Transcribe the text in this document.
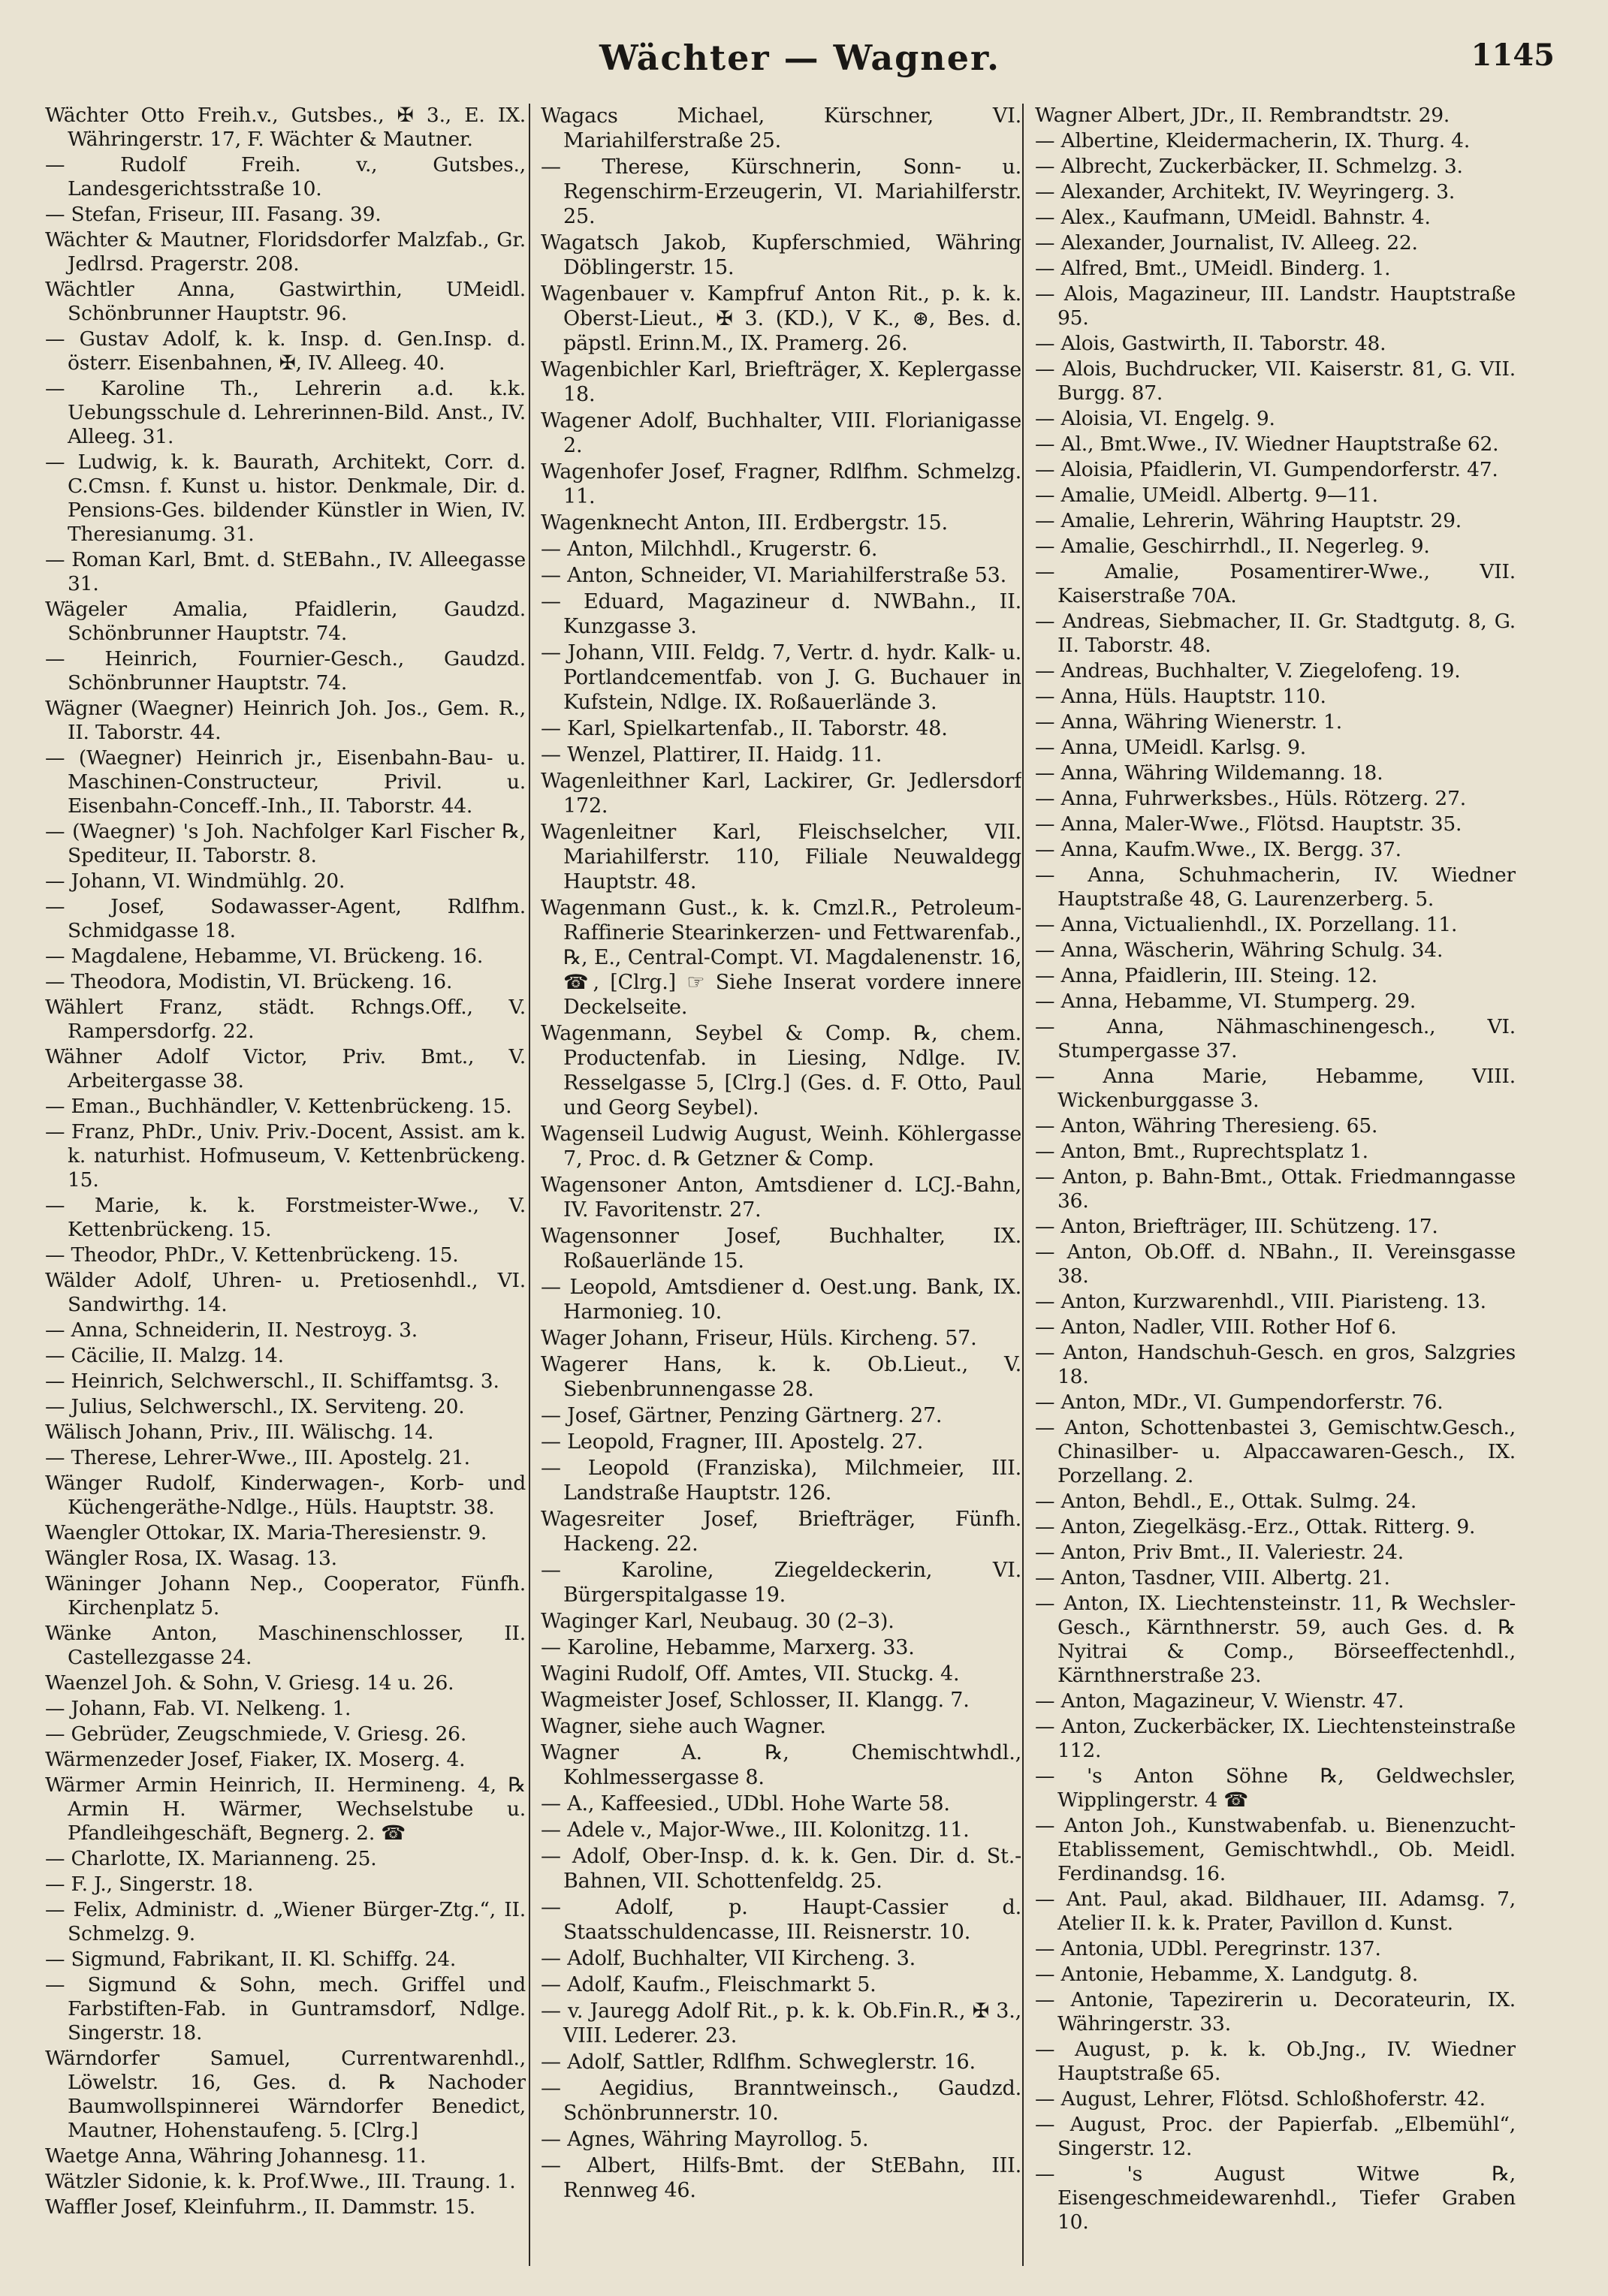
Wächter — Wagner.	1145

Wächter Otto Freih.v., Gutsbes., ✠ 3., E. IX. Währingerstr. 17, F. Wächter & Mautner.

— Rudolf Freih. v., Gutsbes., Landesgerichtsstraße 10.

— Stefan, Friseur, III. Fasang. 39.

Wächter & Mautner, Floridsdorfer Malzfab., Gr. Jedlrsd. Pragerstr. 208.

Wächtler Anna, Gastwirthin, UMeidl. Schönbrunner Hauptstr. 96.

— Gustav Adolf, k. k. Insp. d. Gen.Insp. d. österr. Eisenbahnen, ✠, IV. Alleeg. 40.

— Karoline Th., Lehrerin a.d. k.k. Uebungsschule d. Lehrerinnen-Bild. Anst., IV. Alleeg. 31.

— Ludwig, k. k. Baurath, Architekt, Corr. d. C.Cmsn. f. Kunst u. histor. Denkmale, Dir. d. Pensions-Ges. bildender Künstler in Wien, IV. Theresianumg. 31.

— Roman Karl, Bmt. d. StEBahn., IV. Alleegasse 31.

Wägeler Amalia, Pfaidlerin, Gaudzd. Schönbrunner Hauptstr. 74.

— Heinrich, Fournier-Gesch., Gaudzd. Schönbrunner Hauptstr. 74.

Wägner (Waegner) Heinrich Joh. Jos., Gem. R., II. Taborstr. 44.

— (Waegner) Heinrich jr., Eisenbahn-Bau- u. Maschinen-Constructeur, Privil. u. Eisenbahn-Conceff.-Inh., II. Taborstr. 44.

— (Waegner) 's Joh. Nachfolger Karl Fischer ℞, Spediteur, II. Taborstr. 8.

— Johann, VI. Windmühlg. 20.

— Josef, Sodawasser-Agent, Rdlfhm. Schmidgasse 18.

— Magdalene, Hebamme, VI. Brückeng. 16.

— Theodora, Modistin, VI. Brückeng. 16.

Wählert Franz, städt. Rchngs.Off., V. Rampersdorfg. 22.

Wähner Adolf Victor, Priv. Bmt., V. Arbeitergasse 38.

— Eman., Buchhändler, V. Kettenbrückeng. 15.

— Franz, PhDr., Univ. Priv.-Docent, Assist. am k. k. naturhist. Hofmuseum, V. Kettenbrückeng. 15.

— Marie, k. k. Forstmeister-Wwe., V. Kettenbrückeng. 15.

— Theodor, PhDr., V. Kettenbrückeng. 15.

Wälder Adolf, Uhren- u. Pretiosenhdl., VI. Sandwirthg. 14.

— Anna, Schneiderin, II. Nestroyg. 3.

— Cäcilie, II. Malzg. 14.

— Heinrich, Selchwerschl., II. Schiffamtsg. 3.

— Julius, Selchwerschl., IX. Serviteng. 20.

Wälisch Johann, Priv., III. Wälischg. 14.

— Therese, Lehrer-Wwe., III. Apostelg. 21.

Wänger Rudolf, Kinderwagen-, Korb- und Küchengeräthe-Ndlge., Hüls. Hauptstr. 38.

Waengler Ottokar, IX. Maria-Theresienstr. 9.

Wängler Rosa, IX. Wasag. 13.

Wäninger Johann Nep., Cooperator, Fünfh. Kirchenplatz 5.

Wänke Anton, Maschinenschlosser, II. Castellezgasse 24.

Waenzel Joh. & Sohn, V. Griesg. 14 u. 26.

— Johann, Fab. VI. Nelkeng. 1.

— Gebrüder, Zeugschmiede, V. Griesg. 26.

Wärmenzeder Josef, Fiaker, IX. Moserg. 4.

Wärmer Armin Heinrich, II. Hermineng. 4, ℞ Armin H. Wärmer, Wechselstube u. Pfandleihgeschäft, Begnerg. 2. ☎

— Charlotte, IX. Marianneng. 25.

— F. J., Singerstr. 18.

— Felix, Administr. d. „Wiener Bürger-Ztg.“, II. Schmelzg. 9.

— Sigmund, Fabrikant, II. Kl. Schiffg. 24.

— Sigmund & Sohn, mech. Griffel und Farbstiften-Fab. in Guntramsdorf, Ndlge. Singerstr. 18.

Wärndorfer Samuel, Currentwarenhdl., Löwelstr. 16, Ges. d. ℞ Nachoder Baumwollspinnerei Wärndorfer Benedict, Mautner, Hohenstaufeng. 5. [Clrg.]

Waetge Anna, Währing Johannesg. 11.

Wätzler Sidonie, k. k. Prof.Wwe., III. Traung. 1.

Waffler Josef, Kleinfuhrm., II. Dammstr. 15.

Wagacs Michael, Kürschner, VI. Mariahilferstraße 25.

— Therese, Kürschnerin, Sonn- u. Regenschirm-Erzeugerin, VI. Mariahilferstr. 25.

Wagatsch Jakob, Kupferschmied, Währing Döblingerstr. 15.

Wagenbauer v. Kampfruf Anton Rit., p. k. k. Oberst-Lieut., ✠ 3. (KD.), V K., ⊛, Bes. d. päpstl. Erinn.M., IX. Pramerg. 26.

Wagenbichler Karl, Briefträger, X. Keplergasse 18.

Wagener Adolf, Buchhalter, VIII. Florianigasse 2.

Wagenhofer Josef, Fragner, Rdlfhm. Schmelzg. 11.

Wagenknecht Anton, III. Erdbergstr. 15.

— Anton, Milchhdl., Krugerstr. 6.

— Anton, Schneider, VI. Mariahilferstraße 53.

— Eduard, Magazineur d. NWBahn., II. Kunzgasse 3.

— Johann, VIII. Feldg. 7, Vertr. d. hydr. Kalk- u. Portlandcementfab. von J. G. Buchauer in Kufstein, Ndlge. IX. Roßauerlände 3.

— Karl, Spielkartenfab., II. Taborstr. 48.

— Wenzel, Plattirer, II. Haidg. 11.

Wagenleithner Karl, Lackirer, Gr. Jedlersdorf 172.

Wagenleitner Karl, Fleischselcher, VII. Mariahilferstr. 110, Filiale Neuwaldegg Hauptstr. 48.

Wagenmann Gust., k. k. Cmzl.R., Petroleum-Raffinerie Stearinkerzen- und Fettwarenfab., ℞, E., Central-Compt. VI. Magdalenenstr. 16, ☎, [Clrg.] ☞ Siehe Inserat vordere innere Deckelseite.

Wagenmann, Seybel & Comp. ℞, chem. Productenfab. in Liesing, Ndlge. IV. Resselgasse 5, [Clrg.] (Ges. d. F. Otto, Paul und Georg Seybel).

Wagenseil Ludwig August, Weinh. Köhlergasse 7, Proc. d. ℞ Getzner & Comp.

Wagensoner Anton, Amtsdiener d. LCJ.-Bahn, IV. Favoritenstr. 27.

Wagensonner Josef, Buchhalter, IX. Roßauerlände 15.

— Leopold, Amtsdiener d. Oest.ung. Bank, IX. Harmonieg. 10.

Wager Johann, Friseur, Hüls. Kircheng. 57.

Wagerer Hans, k. k. Ob.Lieut., V. Siebenbrunnengasse 28.

— Josef, Gärtner, Penzing Gärtnerg. 27.

— Leopold, Fragner, III. Apostelg. 27.

— Leopold (Franziska), Milchmeier, III. Landstraße Hauptstr. 126.

Wagesreiter Josef, Briefträger, Fünfh. Hackeng. 22.

— Karoline, Ziegeldeckerin, VI. Bürgerspitalgasse 19.

Waginger Karl, Neubaug. 30 (2–3).

— Karoline, Hebamme, Marxerg. 33.

Wagini Rudolf, Off. Amtes, VII. Stuckg. 4.

Wagmeister Josef, Schlosser, II. Klangg. 7.

Wagner, siehe auch Wagner.

Wagner A. ℞, Chemischtwhdl., Kohlmessergasse 8.

— A., Kaffeesied., UDbl. Hohe Warte 58.

— Adele v., Major-Wwe., III. Kolonitzg. 11.

— Adolf, Ober-Insp. d. k. k. Gen. Dir. d. St.-Bahnen, VII. Schottenfeldg. 25.

— Adolf, p. Haupt-Cassier d. Staatsschuldencasse, III. Reisnerstr. 10.

— Adolf, Buchhalter, VII Kircheng. 3.

— Adolf, Kaufm., Fleischmarkt 5.

— v. Jauregg Adolf Rit., p. k. k. Ob.Fin.R., ✠ 3., VIII. Lederer. 23.

— Adolf, Sattler, Rdlfhm. Schweglerstr. 16.

— Aegidius, Branntweinsch., Gaudzd. Schönbrunnerstr. 10.

— Agnes, Währing Mayrollog. 5.

— Albert, Hilfs-Bmt. der StEBahn, III. Rennweg 46.

Wagner Albert, JDr., II. Rembrandtstr. 29.

— Albertine, Kleidermacherin, IX. Thurg. 4.

— Albrecht, Zuckerbäcker, II. Schmelzg. 3.

— Alexander, Architekt, IV. Weyringerg. 3.

— Alex., Kaufmann, UMeidl. Bahnstr. 4.

— Alexander, Journalist, IV. Alleeg. 22.

— Alfred, Bmt., UMeidl. Binderg. 1.

— Alois, Magazineur, III. Landstr. Hauptstraße 95.

— Alois, Gastwirth, II. Taborstr. 48.

— Alois, Buchdrucker, VII. Kaiserstr. 81, G. VII. Burgg. 87.

— Aloisia, VI. Engelg. 9.

— Al., Bmt.Wwe., IV. Wiedner Hauptstraße 62.

— Aloisia, Pfaidlerin, VI. Gumpendorferstr. 47.

— Amalie, UMeidl. Albertg. 9—11.

— Amalie, Lehrerin, Währing Hauptstr. 29.

— Amalie, Geschirrhdl., II. Negerleg. 9.

— Amalie, Posamentirer-Wwe., VII. Kaiserstraße 70A.

— Andreas, Siebmacher, II. Gr. Stadtgutg. 8, G. II. Taborstr. 48.

— Andreas, Buchhalter, V. Ziegelofeng. 19.

— Anna, Hüls. Hauptstr. 110.

— Anna, Währing Wienerstr. 1.

— Anna, UMeidl. Karlsg. 9.

— Anna, Währing Wildemanng. 18.

— Anna, Fuhrwerksbes., Hüls. Rötzerg. 27.

— Anna, Maler-Wwe., Flötsd. Hauptstr. 35.

— Anna, Kaufm.Wwe., IX. Bergg. 37.

— Anna, Schuhmacherin, IV. Wiedner Hauptstraße 48, G. Laurenzerberg. 5.

— Anna, Victualienhdl., IX. Porzellang. 11.

— Anna, Wäscherin, Währing Schulg. 34.

— Anna, Pfaidlerin, III. Steing. 12.

— Anna, Hebamme, VI. Stumperg. 29.

— Anna, Nähmaschinengesch., VI. Stumpergasse 37.

— Anna Marie, Hebamme, VIII. Wickenburggasse 3.

— Anton, Währing Theresieng. 65.

— Anton, Bmt., Ruprechtsplatz 1.

— Anton, p. Bahn-Bmt., Ottak. Friedmanngasse 36.

— Anton, Briefträger, III. Schützeng. 17.

— Anton, Ob.Off. d. NBahn., II. Vereinsgasse 38.

— Anton, Kurzwarenhdl., VIII. Piaristeng. 13.

— Anton, Nadler, VIII. Rother Hof 6.

— Anton, Handschuh-Gesch. en gros, Salzgries 18.

— Anton, MDr., VI. Gumpendorferstr. 76.

— Anton, Schottenbastei 3, Gemischtw.Gesch., Chinasilber- u. Alpaccawaren-Gesch., IX. Porzellang. 2.

— Anton, Behdl., E., Ottak. Sulmg. 24.

— Anton, Ziegelkäsg.-Erz., Ottak. Ritterg. 9.

— Anton, Priv Bmt., II. Valeriestr. 24.

— Anton, Tasdner, VIII. Albertg. 21.

— Anton, IX. Liechtensteinstr. 11, ℞ Wechsler-Gesch., Kärnthnerstr. 59, auch Ges. d. ℞ Nyitrai & Comp., Börseeffectenhdl., Kärnthnerstraße 23.

— Anton, Magazineur, V. Wienstr. 47.

— Anton, Zuckerbäcker, IX. Liechtensteinstraße 112.

— 's Anton Söhne ℞, Geldwechsler, Wipplingerstr. 4 ☎

— Anton Joh., Kunstwabenfab. u. Bienenzucht-Etablissement, Gemischtwhdl., Ob. Meidl. Ferdinandsg. 16.

— Ant. Paul, akad. Bildhauer, III. Adamsg. 7, Atelier II. k. k. Prater, Pavillon d. Kunst.

— Antonia, UDbl. Peregrinstr. 137.

— Antonie, Hebamme, X. Landgutg. 8.

— Antonie, Tapezirerin u. Decorateurin, IX. Währingerstr. 33.

— August, p. k. k. Ob.Jng., IV. Wiedner Hauptstraße 65.

— August, Lehrer, Flötsd. Schloßhoferstr. 42.

— August, Proc. der Papierfab. „Elbemühl“, Singerstr. 12.

— 's August Witwe ℞, Eisengeschmeidewarenhdl., Tiefer Graben 10.
